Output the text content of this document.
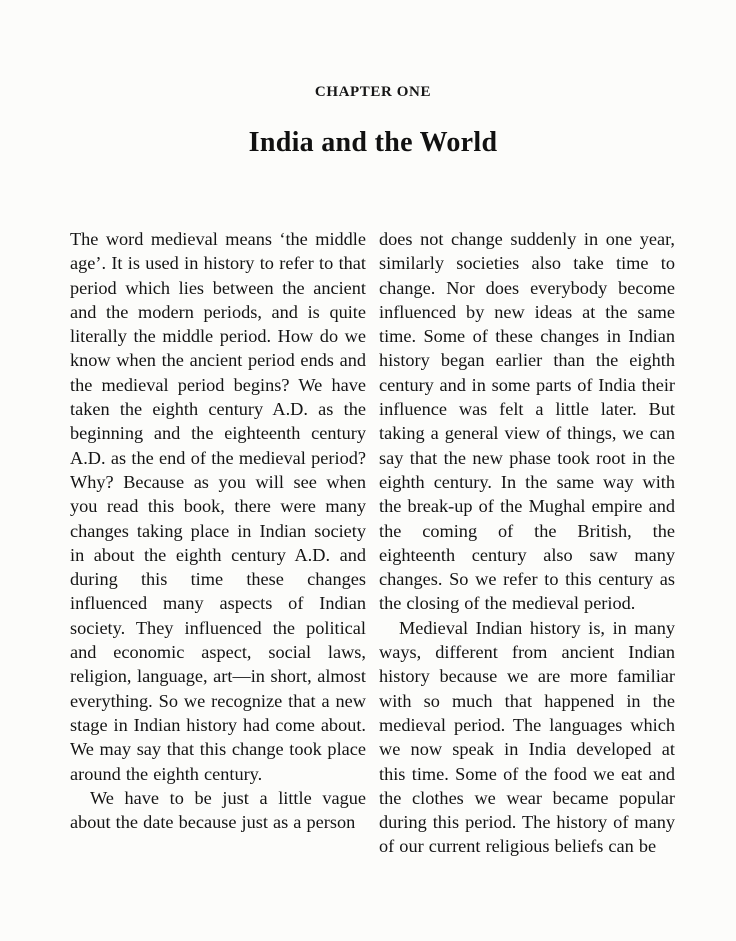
CHAPTER ONE
India and the World

The word medieval means ‘the middle age’. It is used in history to refer to that period which lies between the ancient and the modern periods, and is quite literally the middle period. How do we know when the ancient period ends and the medieval period begins? We have taken the eighth century A.D. as the beginning and the eighteenth century A.D. as the end of the medieval period? Why? Because as you will see when you read this book, there were many changes taking place in Indian society in about the eighth century A.D. and during this time these changes influenced many aspects of Indian society. They influenced the political and economic aspect, social laws, religion, language, art—in short, almost everything. So we recognize that a new stage in Indian history had come about. We may say that this change took place around the eighth century.

We have to be just a little vague about the date because just as a person

does not change suddenly in one year, similarly societies also take time to change. Nor does everybody become influenced by new ideas at the same time. Some of these changes in Indian history began earlier than the eighth century and in some parts of India their influence was felt a little later. But taking a general view of things, we can say that the new phase took root in the eighth century. In the same way with the break-up of the Mughal empire and the coming of the British, the eighteenth century also saw many changes. So we refer to this century as the closing of the medieval period.

Medieval Indian history is, in many ways, different from ancient Indian history because we are more familiar with so much that happened in the medieval period. The languages which we now speak in India developed at this time. Some of the food we eat and the clothes we wear became popular during this period. The history of many of our current religious beliefs can be
